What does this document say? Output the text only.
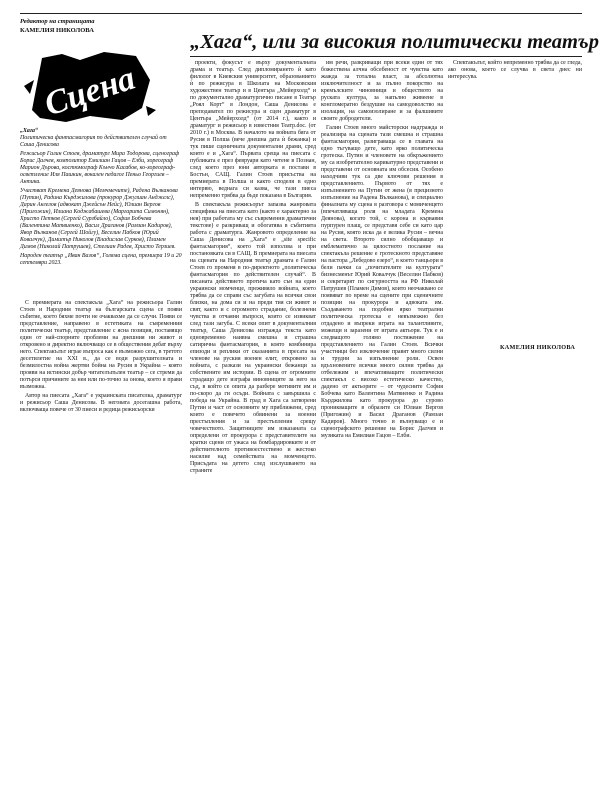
Редактор на страницата
КАМЕЛИЯ НИКОЛОВА
Сцена
„Хага“, или за високия политически театър

„Хага“

Политическа фантасмагория по действителен случай от Саша Денисова

Режисьор Галин Стоев, драматург Мира Тодорова, сценограф Борис Далчев, композитор Емилиан Гацов – Елби, хореограф Марион Дърова, костюмограф Кънчо Касабов, ко-хореограф-осветление Иля Пашкин, вокален педагог Пеньо Георгиев – Антика.

Участват Кремена Деянова (Мемчмечите), Радена Вълканова (Путин), Радина Кърджилова (прокурор Джулиан Анджелс), Дарин Ангелов (адвокат Джейсън Нейс), Юлиан Вергов (Пригожин), Илиана Коджабашева (Маргарита Симонян), Христо Петков (Сергей Сурзбайло), София Бобчева (Валентина Матвиенко), Васил Драганов (Рамзан Кадиров), Явор Вълканов (Сергей Шойгу), Веселин Пабков (Юрий Ковалчук), Димитър Николов (Владислав Сурков), Пламен Димов (Николай Патрушев), Стелиан Радев, Христо Терзиев.

Народен театър „Иван Вазов“, Голяма сцена, премиера 19 и 20 септември 2023.

С премиерата на спектакъла „Хага“ на режисьора Галин Стоев и Народния театър на българската сцена се появи събитие, което бяхме почти не очаквахме да се случи. Появи се представление, направено в естетиката на съвременния политически театър, представление с ясна позиция, поставящо един от най-спорните проблеми на днешния ни живот и откровено и директно включващо се в обществения дебат върху него. Спектакълът играе въпроса как е възможно сега, в третото десетилетие на XXI в., да се води разрушителната и безмилостна война жертви бойна на Русия в Украйна – която прояви на истински добър читателъпълен театър – се стреми да потърси причините за нея или по-точно за онова, което я прави възможна.

Автор на пиесата „Хага“ е украинската писателка, драматург и режисьор Саша Денисова. В неговата досегашна работа, включваща повече от 30 пиеси и редица режисьорски

проекти, фокусът е върху документалната драма и театър. След дипломирането ѝ като филолог в Киевския университет, образованието ѝ по режисура в Школата на Московския художествен театър и в Центъра „Мейерхолд“ и по документално драматургично писане в Театър „Роял Корт“ в Лондон, Саша Денисова е преподавател по режисура и сцен драматург в Центъра „Мейерхолд“ (от 2014 г.), както и драматург и режисьор в известния Театр.doc. (от 2010 г.) в Москва. В началото на войната бяга от Русия в Полша (вече днешна дата ѝ бежанка) и тук пише сценичната документални драми, сред които е и „Хага“. Първата среща на пиесата с публиката е през февруари като четене в Познан, след което през юни авторката я постави в Бостън, САЩ. Галин Стоев присъства на премиерата в Полша и както споделя в едно интервю, веднага си казва, че тази пиеса непременно трябва да бъде показана в България.

В спектакъла режисьорът запазва жанровата специфика на пиесата като (както е характерно за нея) при работата му със съвременни драматични текстове) е разкриващ и обогатява в събитията работа с драматурга. Жанровото определение на Саша Денисова на „Хага“ е „site specific фантасмагория“, което той използва и при постановката си в САЩ. В премиерата на пиесата на сцената на Народния театър драмата е Галин Стоев го променя в по-директното „политическа фантасмагория по действителен случай“. В писаната действието протича като сън на един украински момченце, преживяло войната, което трябва да се справи със загубата на всички свои близки, на дома си и на преди тия си живот и свят, както и с огромното страдание, болезнени чувства и отчаяни въпроси, които се извикват след тази загуба. С всеки опит в документалния театър, Саша Денисова изгражда текста като едновременно наивна смешна и страшна сатирична фантасмагория, в която комбинира епизоди и реплики от сказанията в пресата на членове на руския военен елит, откровено за войната, с разкази на украински бежанци за собствените им истории. В сцена от огромните страдащо дете изграфа виновниците за него на съд, в който се опита да разбере мотивите им и по-скоро да ги осъди. Войната с завършила с победа на Украйна. В град в Хага са затворени Путин и част от основните му приближени, сред които е повечето обвинени за военни престъпления и за престъпления срещу човечеството. Защитниците им изказаната са определени от прокурора с представителите на кратки сцени от ужаса на бомбардировките и от действителното противоестествено и жестоко насилие над семействата на момченцето. Присъдата на детето след изслушването на страните

им речи, разкриващи при всеки един от тях божествена алчна обсебеност от чувства като жажда за тотална власт, за абсолютна изключителност и за пълно покорство на кремълските чиновници и обществото на руската култура, за напълно живеене в конгломератно бездушие на самодоволство на изолация, на самоизолиране и за фалшивите своите добродетели.

Галин Стоев много майсторски надгражда и реализира на сцената тази смешна и страшна фантасмагория, разиграваща се в главата на едно тъгуващо дете, като ярко политическа гротеска. Путин и членовете на обкръжението му са изобретателно карикатурно представени и представени от основната им обсесия. Особено находчиви тук са две ключови решения в представлението. Първото от тях е изпълнението на Путин от жена (в прецизното изпълнение на Радена Вълканова), и специално финалната му сцена в разговора с момиченцето (впечатляваща роля на младата Кремена Деянова), когато той, с корона и кървавия пурпурен плащ, се представя себе си като цар на Русия, която иска да е велика Русия – вечна на света. Второто силно обобщаващо и емблематично за цялостното послание на спектакъла решение е гротескното представяне на пастора „Лебедово езеро“, в което танцьори в бели пачки са „почитателите на културата“ бизнесменът Юрий Ковалчук (Веселин Пабков) и секретарят по сигурността на РФ Николай Патрушев (Пламен Димов), които неочаквано се появяват по време на сцените при сценичните позиции на прокурора и адвоката им. Създаването на подобни ярко театрални политическа гротеска е невъзможно без отдадено и въпреки играта на талантливите, можещи и заразени от играта актьори. Тук е и следващото голямо постижение на представлението на Галин Стоев. Всички участници без изключение правят много силни и трудни за изпълнение роли. Освен вдъхновените всички много силни трябва да отбележим и впечатляващите политически спектакъл с високо естетическо качество, дадено от актьорите – от чудесните София Бобчева като Валентина Матвиенко и Радина Кърджилова като прокурора до сурово проникващите в образите си Юлиан Вергов (Пригожин) и Васил Драганов (Рамзан Кадиров). Много точно и вълнуващо е и сценографското решение на Борис Далчев и музиката на Емилиан Гацов – Елби.

Спектакълът, който непременно трябва да се гледа, ако онова, което се случва в света днес ни интересува.

КАМЕЛИЯ НИКОЛОВА
